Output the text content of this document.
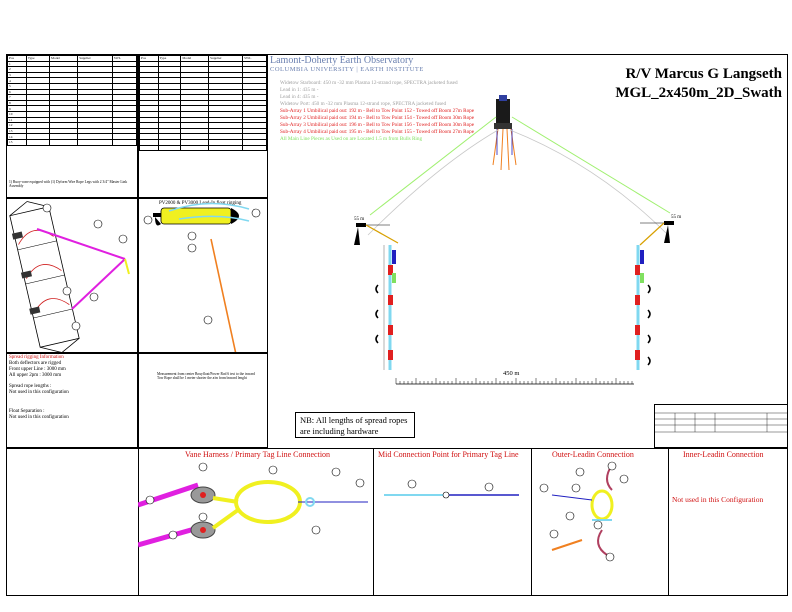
Pos	Type	Model	Supplier	SWL
1				
2				
3				
4				
5				
6				
7				
8				
9				
10				
11				
12				
13				
14				
15				
1) Buoy-cone equipped with (1) Dyform Wire Rope Legs with 2 3/4" Master Link Assembly
Pos	Type	Model	Supplier	SWL

				Lamont-Doherty Earth Observatory
COLUMBIA UNIVERSITY | EARTH INSTITUTE	R/V Marcus G Langseth
MGL_2x450m_2D_Swath
Widetow Starboard: 450 m -32 mm Plasma 12-strand rope, SPECTRA jacketed fused
Lead in 1: 435 m -
Lead in 4: 435 m -
Widetow Port: 450 m -32 mm Plasma 12-strand rope, SPECTRA jacketed fused
Sub-Array 1 Umbilical paid out: 192 m - Bell to Tow Point 152 - Towed off Boom 27m Rope
Sub-Array 2 Umbilical paid out: 194 m - Bell to Tow Point 154 - Towed off Boom 30m Rope
Sub-Array 3 Umbilical paid out: 196 m - Bell to Tow Point 156 - Towed off Boom 30m Rope
Sub-Array 4 Umbilical paid out: 195 m - Bell to Tow Point 155 - Towed off Boom 27m Rope
All Main Line Pieces as Used on are Located 1.5 m from Bulls Ring
PV2000 & PV3000 Lead-In float rigging
Measurement from center Bouyfloat/Power Rod 6 test to the inward Tow Rope shall be 1 meter shorter the a/m from/inward lenght
Spread rigging Information
Both deflectors are rigged
Front upper Line : 3000 mm
All upper 2pm : 3000 mm
Spread rope lengths :
Not used in this configuration
Float Separation :
Not used in this configuration	NB: All lengths of spread ropes
are including hardware
55 m	55 m
450 m
Vane Harness / Primary Tag Line Connection	Mid Connection Point for Primary Tag Line	Outer-Leadin Connection	Inner-Leadin Connection
Not used in this Configuration
